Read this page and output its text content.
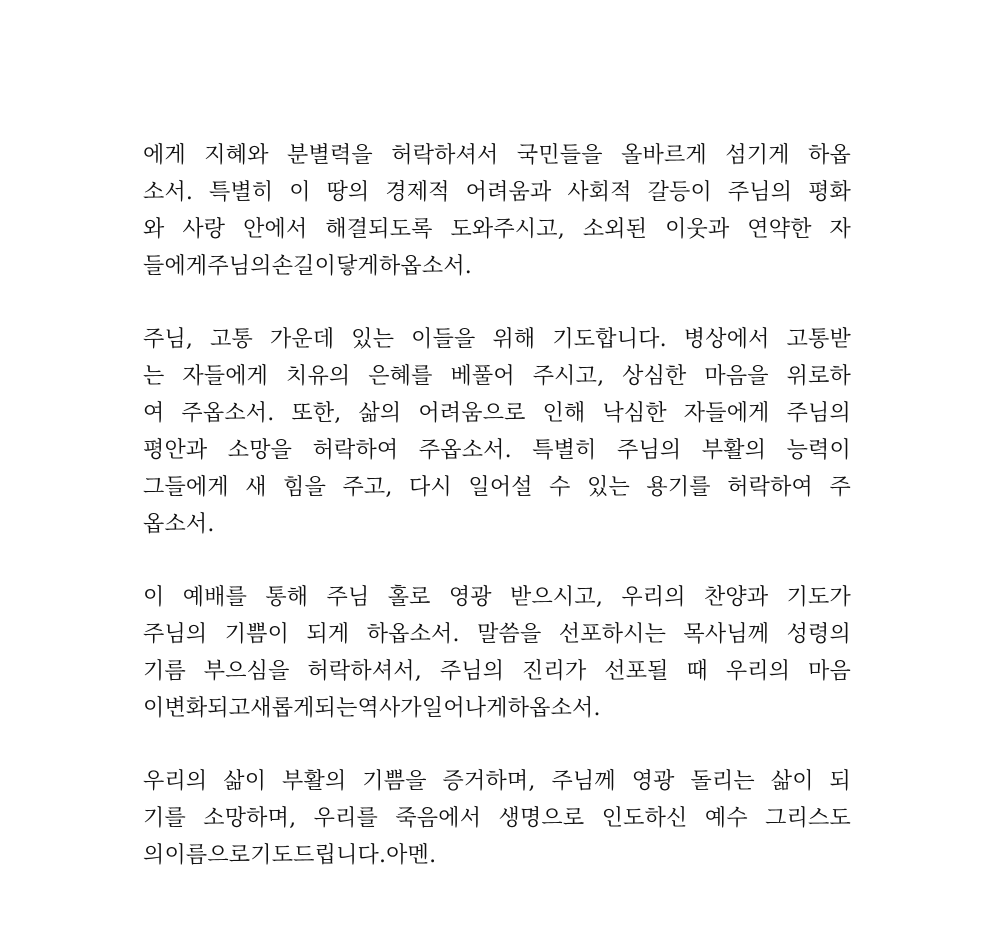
에게 지혜와 분별력을 허락하셔서 국민들을 올바르게 섬기게 하옵
소서. 특별히 이 땅의 경제적 어려움과 사회적 갈등이 주님의 평화
와 사랑 안에서 해결되도록 도와주시고, 소외된 이웃과 연약한 자
들에게 주님의 손길이 닿게 하옵소서.
주님, 고통 가운데 있는 이들을 위해 기도합니다. 병상에서 고통받
는 자들에게 치유의 은혜를 베풀어 주시고, 상심한 마음을 위로하
여 주옵소서. 또한, 삶의 어려움으로 인해 낙심한 자들에게 주님의
평안과 소망을 허락하여 주옵소서. 특별히 주님의 부활의 능력이
그들에게 새 힘을 주고, 다시 일어설 수 있는 용기를 허락하여 주
옵소서.
이 예배를 통해 주님 홀로 영광 받으시고, 우리의 찬양과 기도가
주님의 기쁨이 되게 하옵소서. 말씀을 선포하시는 목사님께 성령의
기름 부으심을 허락하셔서, 주님의 진리가 선포될 때 우리의 마음
이 변화되고 새롭게 되는 역사가 일어나게 하옵소서.
우리의 삶이 부활의 기쁨을 증거하며, 주님께 영광 돌리는 삶이 되
기를 소망하며, 우리를 죽음에서 생명으로 인도하신 예수 그리스도
의 이름으로 기도드립니다. 아멘.
